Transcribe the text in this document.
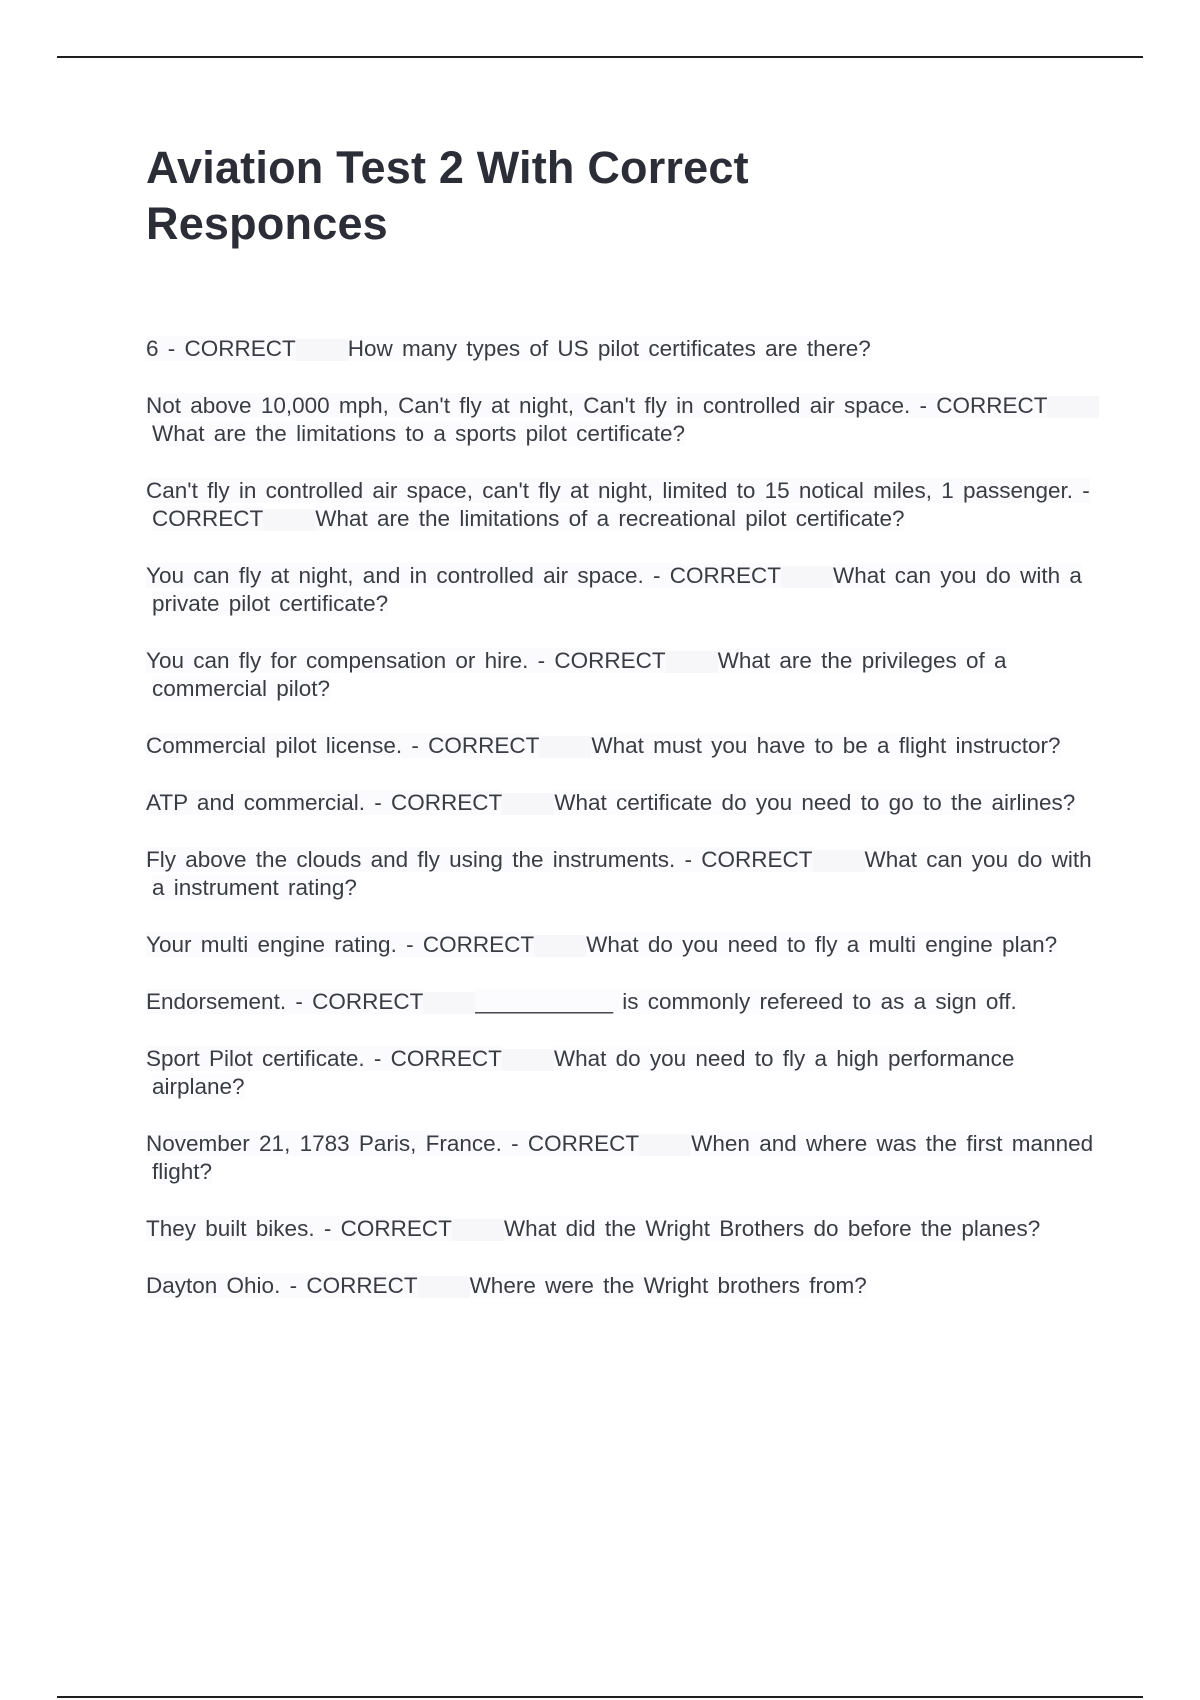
Aviation Test 2 With Correct Responces

6 - CORRECT How many types of US pilot certificates are there?

Not above 10,000 mph, Can't fly at night, Can't fly in controlled air space. - CORRECTWhat are the limitations to a sports pilot certificate?

Can't fly in controlled air space, can't fly at night, limited to 15 notical miles, 1 passenger. - CORRECT What are the limitations of a recreational pilot certificate?

You can fly at night, and in controlled air space. - CORRECT What can you do with a private pilot certificate?

You can fly for compensation or hire. - CORRECT What are the privileges of a commercial pilot?

Commercial pilot license. - CORRECT What must you have to be a flight instructor?

ATP and commercial. - CORRECT What certificate do you need to go to the airlines?

Fly above the clouds and fly using the instruments. - CORRECT What can you do with a instrument rating?

Your multi engine rating. - CORRECT What do you need to fly a multi engine plan?

Endorsement. - CORRECT ___________ is commonly refereed to as a sign off.

Sport Pilot certificate. - CORRECT What do you need to fly a high performance airplane?

November 21, 1783 Paris, France. - CORRECT When and where was the first manned flight?

They built bikes. - CORRECT What did the Wright Brothers do before the planes?

Dayton Ohio. - CORRECT Where were the Wright brothers from?
